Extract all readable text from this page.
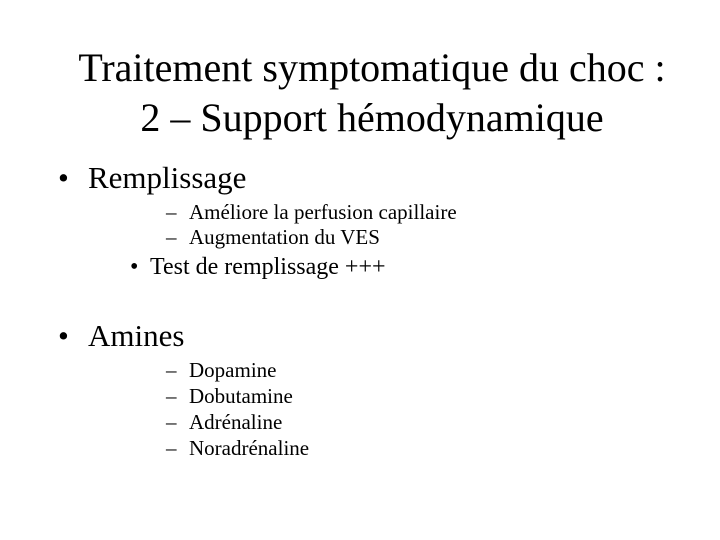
Traitement symptomatique du choc :
2 – Support hémodynamique
• Remplissage
– Améliore la perfusion capillaire
– Augmentation du VES
• Test de remplissage +++
• Amines
– Dopamine
– Dobutamine
– Adrénaline
– Noradrénaline
